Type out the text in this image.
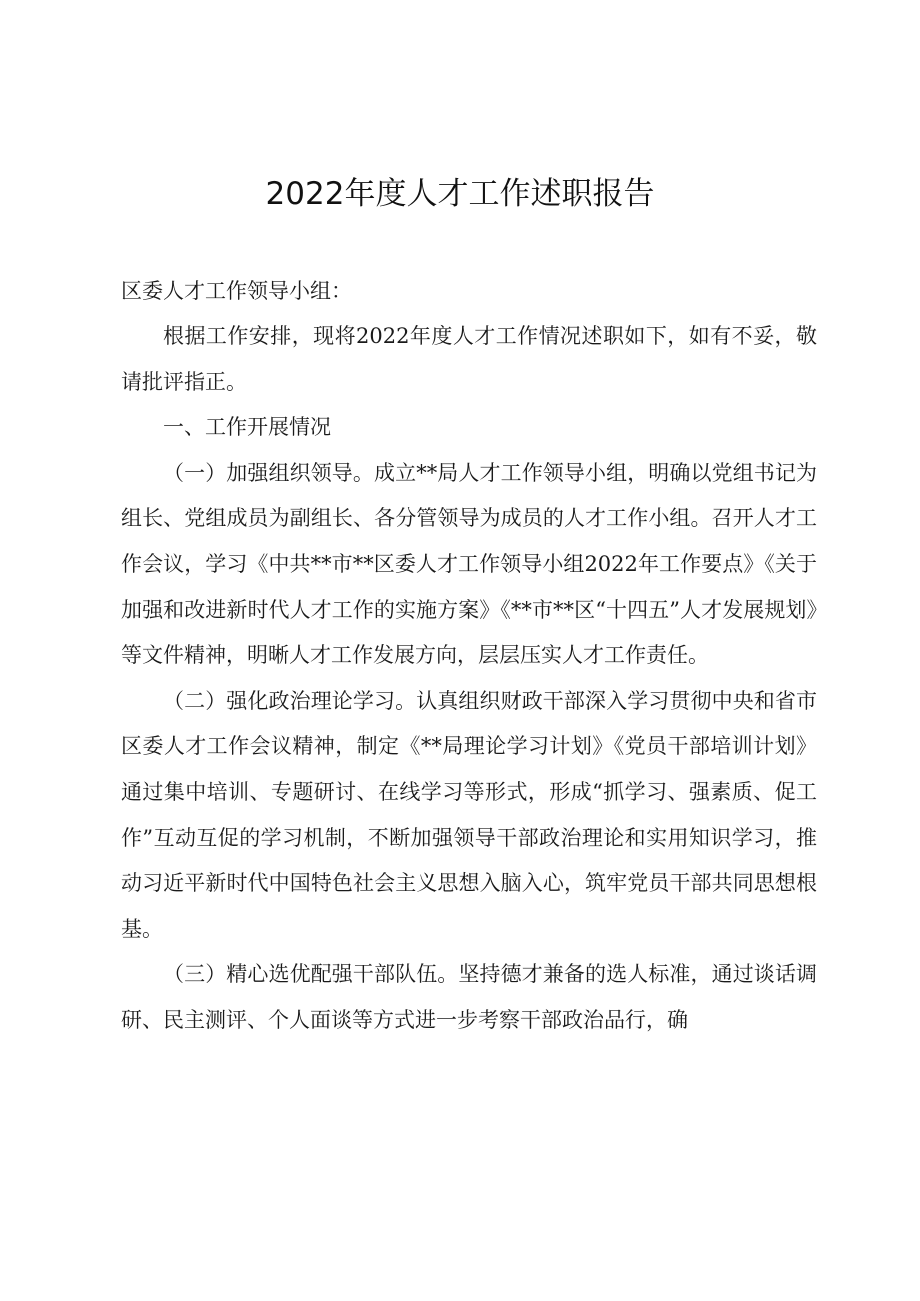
2022年度人才工作述职报告

区委人才工作领导小组：

根据工作安排，现将2022年度人才工作情况述职如下，如有不妥，敬请批评指正。

一、工作开展情况

（一）加强组织领导。成立**局人才工作领导小组，明确以党组书记为组长、党组成员为副组长、各分管领导为成员的人才工作小组。召开人才工作会议，学习《中共**市**区委人才工作领导小组2022年工作要点》《关于加强和改进新时代人才工作的实施方案》《**市**区“十四五”人才发展规划》等文件精神，明晰人才工作发展方向，层层压实人才工作责任。

（二）强化政治理论学习。认真组织财政干部深入学习贯彻中央和省市区委人才工作会议精神，制定《**局理论学习计划》《党员干部培训计划》通过集中培训、专题研讨、在线学习等形式，形成“抓学习、强素质、促工作”互动互促的学习机制，不断加强领导干部政治理论和实用知识学习，推动习近平新时代中国特色社会主义思想入脑入心，筑牢党员干部共同思想根基。

（三）精心选优配强干部队伍。坚持德才兼备的选人标准，通过谈话调研、民主测评、个人面谈等方式进一步考察干部政治品行，确
